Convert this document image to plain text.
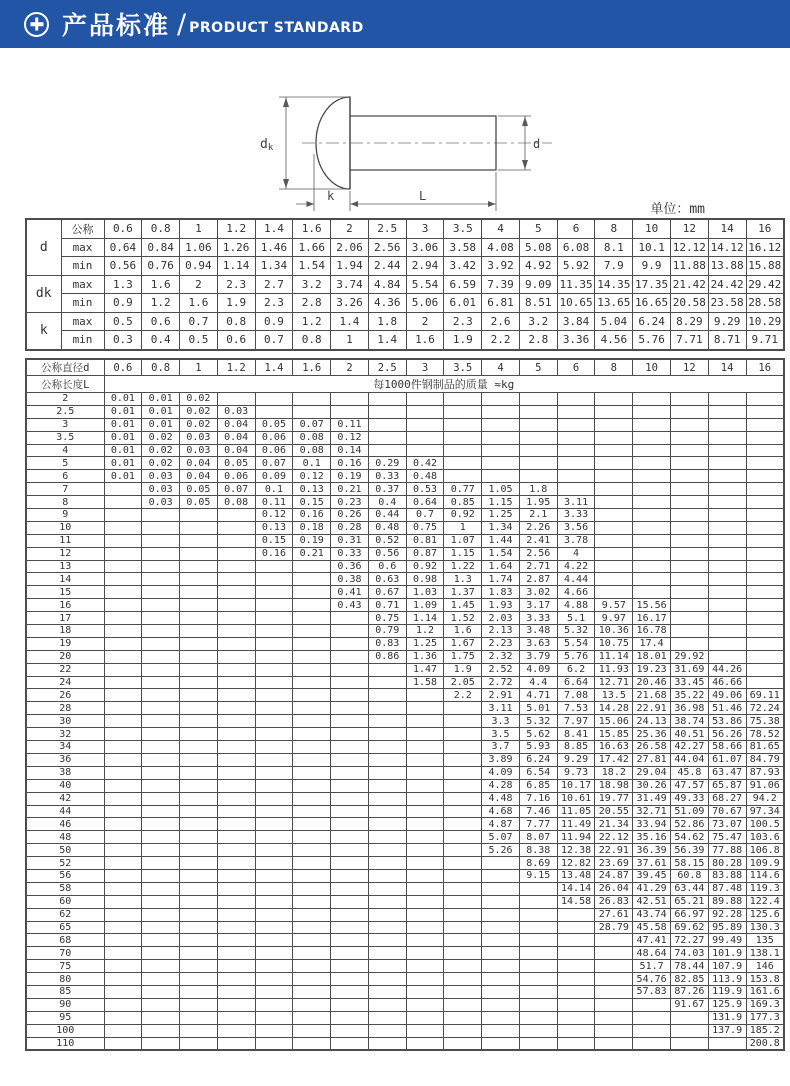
产品标准 / PRODUCT STANDARD
dk	d
k	L
单位：mm
d	公称	0.6	0.8	1	1.2	1.4	1.6	2	2.5	3	3.5	4	5	6	8	10	12	14	16
	max	0.64	0.84	1.06	1.26	1.46	1.66	2.06	2.56	3.06	3.58	4.08	5.08	6.08	8.1	10.1	12.12	14.12	16.12
	min	0.56	0.76	0.94	1.14	1.34	1.54	1.94	2.44	2.94	3.42	3.92	4.92	5.92	7.9	9.9	11.88	13.88	15.88
dk	max	1.3	1.6	2	2.3	2.7	3.2	3.74	4.84	5.54	6.59	7.39	9.09	11.35	14.35	17.35	21.42	24.42	29.42
	min	0.9	1.2	1.6	1.9	2.3	2.8	3.26	4.36	5.06	6.01	6.81	8.51	10.65	13.65	16.65	20.58	23.58	28.58
k	max	0.5	0.6	0.7	0.8	0.9	1.2	1.4	1.8	2	2.3	2.6	3.2	3.84	5.04	6.24	8.29	9.29	10.29
	min	0.3	0.4	0.5	0.6	0.7	0.8	1	1.4	1.6	1.9	2.2	2.8	3.36	4.56	5.76	7.71	8.71	9.71
公称直径d	0.6	0.8	1	1.2	1.4	1.6	2	2.5	3	3.5	4	5	6	8	10	12	14	16
公称长度L	每1000件钢制品的质量 ≈kg																	
2	0.01	0.01	0.02															
2.5	0.01	0.01	0.02	0.03														
3	0.01	0.01	0.02	0.04	0.05	0.07	0.11											
3.5	0.01	0.02	0.03	0.04	0.06	0.08	0.12											
4	0.01	0.02	0.03	0.04	0.06	0.08	0.14											
5	0.01	0.02	0.04	0.05	0.07	0.1	0.16	0.29	0.42									
6	0.01	0.03	0.04	0.06	0.09	0.12	0.19	0.33	0.48									
7		0.03	0.05	0.07	0.1	0.13	0.21	0.37	0.53	0.77	1.05	1.8						
8		0.03	0.05	0.08	0.11	0.15	0.23	0.4	0.64	0.85	1.15	1.95	3.11					
9					0.12	0.16	0.26	0.44	0.7	0.92	1.25	2.1	3.33					
10					0.13	0.18	0.28	0.48	0.75	1	1.34	2.26	3.56					
11					0.15	0.19	0.31	0.52	0.81	1.07	1.44	2.41	3.78					
12					0.16	0.21	0.33	0.56	0.87	1.15	1.54	2.56	4					
13							0.36	0.6	0.92	1.22	1.64	2.71	4.22					
14							0.38	0.63	0.98	1.3	1.74	2.87	4.44					
15							0.41	0.67	1.03	1.37	1.83	3.02	4.66					
16							0.43	0.71	1.09	1.45	1.93	3.17	4.88	9.57	15.56			
17								0.75	1.14	1.52	2.03	3.33	5.1	9.97	16.17			
18								0.79	1.2	1.6	2.13	3.48	5.32	10.36	16.78			
19								0.83	1.25	1.67	2.23	3.63	5.54	10.75	17.4			
20								0.86	1.36	1.75	2.32	3.79	5.76	11.14	18.01	29.92		
22									1.47	1.9	2.52	4.09	6.2	11.93	19.23	31.69	44.26	
24									1.58	2.05	2.72	4.4	6.64	12.71	20.46	33.45	46.66	
26										2.2	2.91	4.71	7.08	13.5	21.68	35.22	49.06	69.11
28											3.11	5.01	7.53	14.28	22.91	36.98	51.46	72.24
30											3.3	5.32	7.97	15.06	24.13	38.74	53.86	75.38
32											3.5	5.62	8.41	15.85	25.36	40.51	56.26	78.52
34											3.7	5.93	8.85	16.63	26.58	42.27	58.66	81.65
36											3.89	6.24	9.29	17.42	27.81	44.04	61.07	84.79
38											4.09	6.54	9.73	18.2	29.04	45.8	63.47	87.93
40											4.28	6.85	10.17	18.98	30.26	47.57	65.87	91.06
42											4.48	7.16	10.61	19.77	31.49	49.33	68.27	94.2
44											4.68	7.46	11.05	20.55	32.71	51.09	70.67	97.34
46											4.87	7.77	11.49	21.34	33.94	52.86	73.07	100.5
48											5.07	8.07	11.94	22.12	35.16	54.62	75.47	103.6
50											5.26	8.38	12.38	22.91	36.39	56.39	77.88	106.8
52												8.69	12.82	23.69	37.61	58.15	80.28	109.9
56												9.15	13.48	24.87	39.45	60.8	83.88	114.6
58													14.14	26.04	41.29	63.44	87.48	119.3
60													14.58	26.83	42.51	65.21	89.88	122.4
62														27.61	43.74	66.97	92.28	125.6
65														28.79	45.58	69.62	95.89	130.3
68															47.41	72.27	99.49	135
70															48.64	74.03	101.9	138.1
75															51.7	78.44	107.9	146
80															54.76	82.85	113.9	153.8
85															57.83	87.26	119.9	161.6
90																91.67	125.9	169.3
95																	131.9	177.3
100																	137.9	185.2
110																		200.8
